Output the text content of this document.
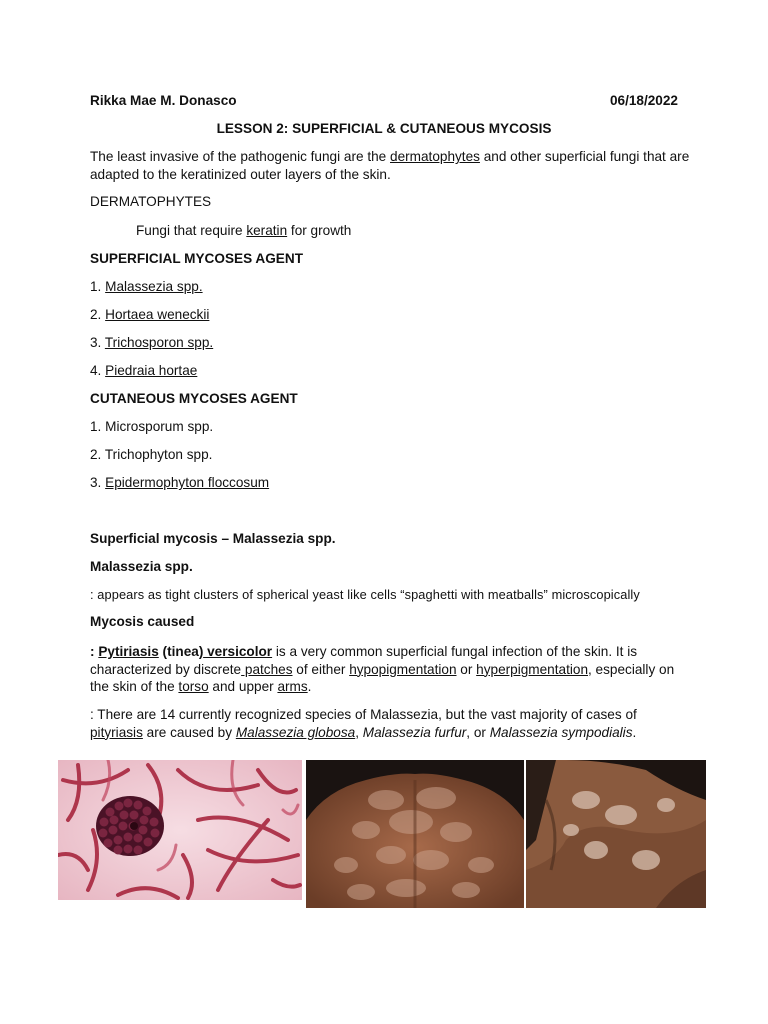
Rikka Mae M. Donasco	06/18/2022
LESSON 2: SUPERFICIAL & CUTANEOUS MYCOSIS
The least invasive of the pathogenic fungi are the dermatophytes and other superficial fungi that are adapted to the keratinized outer layers of the skin.
DERMATOPHYTES
Fungi that require keratin for growth
SUPERFICIAL MYCOSES AGENT
1. Malassezia spp.
2. Hortaea weneckii
3. Trichosporon spp.
4. Piedraia hortae
CUTANEOUS MYCOSES AGENT
1. Microsporum spp.
2. Trichophyton spp.
3. Epidermophyton floccosum
Superficial mycosis – Malassezia spp.
Malassezia spp.
: appears as tight clusters of spherical yeast like cells “spaghetti with meatballs” microscopically
Mycosis caused
: Pytiriasis (tinea) versicolor is a very common superficial fungal infection of the skin. It is characterized by discrete patches of either hypopigmentation or hyperpigmentation, especially on the skin of the torso and upper arms.
: There are 14 currently recognized species of Malassezia, but the vast majority of cases of pityriasis are caused by Malassezia globosa, Malassezia furfur, or Malassezia sympodialis.
